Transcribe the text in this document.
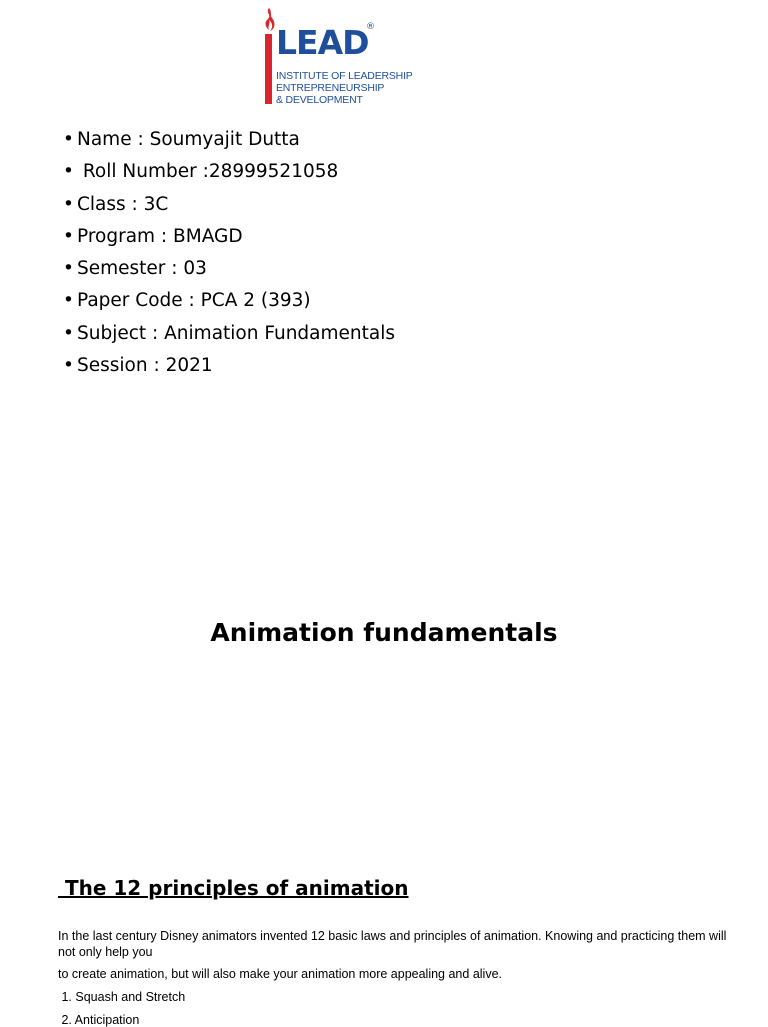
LEAD
®
INSTITUTE OF LEADERSHIP
ENTREPRENEURSHIP
& DEVELOPMENT
• Name : Soumyajit Dutta
• Roll Number :28999521058
• Class : 3C
• Program : BMAGD
• Semester : 03
• Paper Code : PCA 2 (393)
• Subject : Animation Fundamentals
• Session : 2021
Animation fundamentals
The 12 principles of animation
In the last century Disney animators invented 12 basic laws and principles of animation. Knowing and practicing them will not only help you
to create animation, but will also make your animation more appealing and alive.
1. Squash and Stretch
2. Anticipation
